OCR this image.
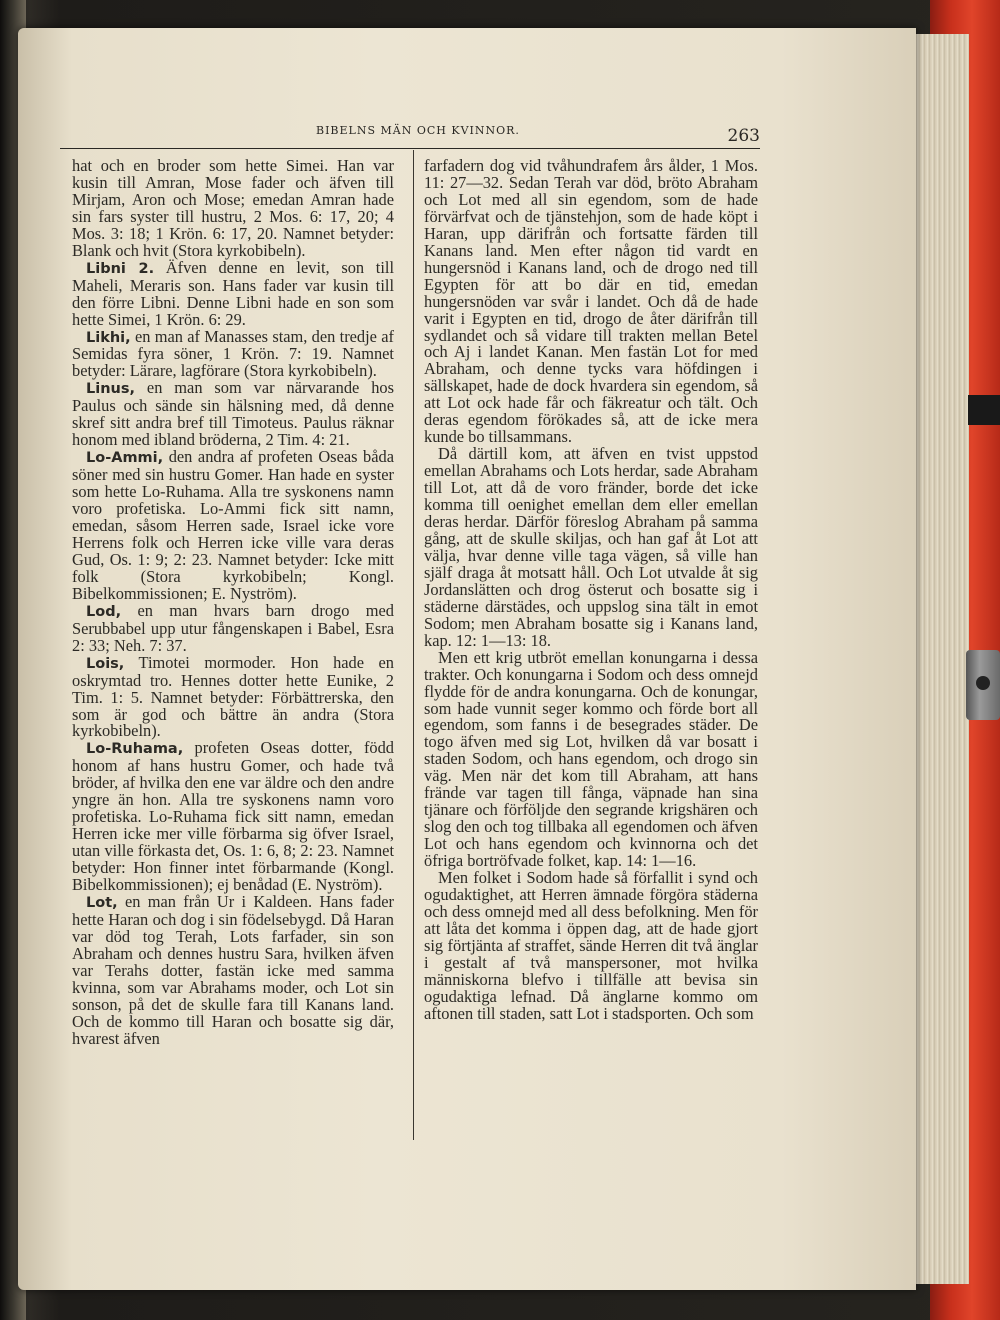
BIBELNS MÄN OCH KVINNOR.	263

hat och en broder som hette Simei. Han var kusin till Amran, Mose fader och äfven till Mirjam, Aron och Mose; emedan Amran hade sin fars syster till hustru, 2 Mos. 6: 17, 20; 4 Mos. 3: 18; 1 Krön. 6: 17, 20. Namnet betyder: Blank och hvit (Stora kyrkobibeln).

Libni 2. Äfven denne en levit, son till Maheli, Meraris son. Hans fader var kusin till den förre Libni. Denne Libni hade en son som hette Simei, 1 Krön. 6: 29.

Likhi, en man af Manasses stam, den tredje af Semidas fyra söner, 1 Krön. 7: 19. Namnet betyder: Lärare, lagförare (Stora kyrkobibeln).

Linus, en man som var närvarande hos Paulus och sände sin hälsning med, då denne skref sitt andra bref till Timoteus. Paulus räknar honom med ibland bröderna, 2 Tim. 4: 21.

Lo-Ammi, den andra af profeten Oseas båda söner med sin hustru Gomer. Han hade en syster som hette Lo-Ruhama. Alla tre syskonens namn voro profetiska. Lo-Ammi fick sitt namn, emedan, såsom Herren sade, Israel icke vore Herrens folk och Herren icke ville vara deras Gud, Os. 1: 9; 2: 23. Namnet betyder: Icke mitt folk (Stora kyrkobibeln; Kongl. Bibelkommissionen; E. Nyström).

Lod, en man hvars barn drogo med Serubbabel upp utur fångenskapen i Babel, Esra 2: 33; Neh. 7: 37.

Lois, Timotei mormoder. Hon hade en oskrymtad tro. Hennes dotter hette Eunike, 2 Tim. 1: 5. Namnet betyder: Förbättrerska, den som är god och bättre än andra (Stora kyrkobibeln).

Lo-Ruhama, profeten Oseas dotter, född honom af hans hustru Gomer, och hade två bröder, af hvilka den ene var äldre och den andre yngre än hon. Alla tre syskonens namn voro profetiska. Lo-Ruhama fick sitt namn, emedan Herren icke mer ville förbarma sig öfver Israel, utan ville förkasta det, Os. 1: 6, 8; 2: 23. Namnet betyder: Hon finner intet förbarmande (Kongl. Bibelkommissionen); ej benådad (E. Nyström).

Lot, en man från Ur i Kaldeen. Hans fader hette Haran och dog i sin födelsebygd. Då Haran var död tog Terah, Lots farfader, sin son Abraham och dennes hustru Sara, hvilken äfven var Terahs dotter, fastän icke med samma kvinna, som var Abrahams moder, och Lot sin sonson, på det de skulle fara till Kanans land. Och de kommo till Haran och bosatte sig där, hvarest äfven

farfadern dog vid tvåhundrafem års ålder, 1 Mos. 11: 27—32. Sedan Terah var död, bröto Abraham och Lot med all sin egendom, som de hade förvärfvat och de tjänstehjon, som de hade köpt i Haran, upp därifrån och fortsatte färden till Kanans land. Men efter någon tid vardt en hungersnöd i Kanans land, och de drogo ned till Egypten för att bo där en tid, emedan hungersnöden var svår i landet. Och då de hade varit i Egypten en tid, drogo de åter därifrån till sydlandet och så vidare till trakten mellan Betel och Aj i landet Kanan. Men fastän Lot for med Abraham, och denne tycks vara höfdingen i sällskapet, hade de dock hvardera sin egendom, så att Lot ock hade får och fäkreatur och tält. Och deras egendom förökades så, att de icke mera kunde bo tillsammans.

Då därtill kom, att äfven en tvist uppstod emellan Abrahams och Lots herdar, sade Abraham till Lot, att då de voro fränder, borde det icke komma till oenighet emellan dem eller emellan deras herdar. Därför föreslog Abraham på samma gång, att de skulle skiljas, och han gaf åt Lot att välja, hvar denne ville taga vägen, så ville han själf draga åt motsatt håll. Och Lot utvalde åt sig Jordanslätten och drog österut och bosatte sig i städerne därstädes, och uppslog sina tält in emot Sodom; men Abraham bosatte sig i Kanans land, kap. 12: 1—13: 18.

Men ett krig utbröt emellan konungarna i dessa trakter. Och konungarna i Sodom och dess omnejd flydde för de andra konungarna. Och de konungar, som hade vunnit seger kommo och förde bort all egendom, som fanns i de besegrades städer. De togo äfven med sig Lot, hvilken då var bosatt i staden Sodom, och hans egendom, och drogo sin väg. Men när det kom till Abraham, att hans frände var tagen till fånga, väpnade han sina tjänare och förföljde den segrande krigshären och slog den och tog tillbaka all egendomen och äfven Lot och hans egendom och kvinnorna och det öfriga bortröfvade folket, kap. 14: 1—16.

Men folket i Sodom hade så förfallit i synd och ogudaktighet, att Herren ämnade förgöra städerna och dess omnejd med all dess befolkning. Men för att låta det komma i öppen dag, att de hade gjort sig förtjänta af straffet, sände Herren dit två änglar i gestalt af två manspersoner, mot hvilka människorna blefvo i tillfälle att bevisa sin ogudaktiga lefnad. Då änglarne kommo om aftonen till staden, satt Lot i stadsporten. Och som
